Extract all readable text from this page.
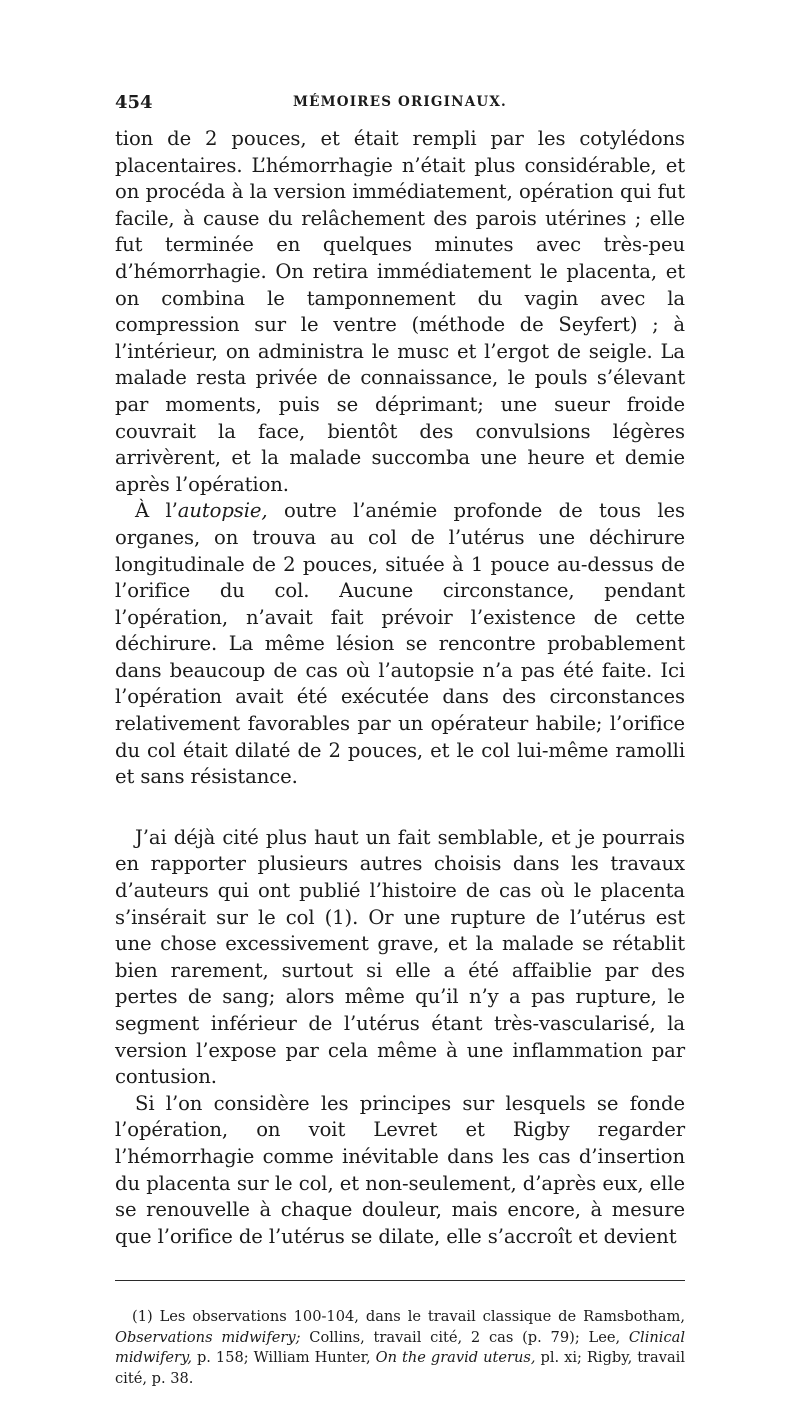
454	MÉMOIRES ORIGINAUX.

tion de 2 pouces, et était rempli par les cotylédons placentaires. L’hémorrhagie n’était plus considérable, et on procéda à la version immédiatement, opération qui fut facile, à cause du relâchement des parois utérines ; elle fut terminée en quelques minutes avec très-peu d’hémorrhagie. On retira immédiatement le placenta, et on combina le tamponnement du vagin avec la compression sur le ventre (méthode de Seyfert) ; à l’intérieur, on administra le musc et l’ergot de seigle. La malade resta privée de connaissance, le pouls s’élevant par moments, puis se déprimant; une sueur froide couvrait la face, bientôt des convulsions légères arrivèrent, et la malade succomba une heure et demie après l’opération.

À l’autopsie, outre l’anémie profonde de tous les organes, on trouva au col de l’utérus une déchirure longitudinale de 2 pouces, située à 1 pouce au-dessus de l’orifice du col. Aucune circonstance, pendant l’opération, n’avait fait prévoir l’existence de cette déchirure. La même lésion se rencontre probablement dans beaucoup de cas où l’autopsie n’a pas été faite. Ici l’opération avait été exécutée dans des circonstances relativement favorables par un opérateur habile; l’orifice du col était dilaté de 2 pouces, et le col lui-même ramolli et sans résistance.

J’ai déjà cité plus haut un fait semblable, et je pourrais en rapporter plusieurs autres choisis dans les travaux d’auteurs qui ont publié l’histoire de cas où le placenta s’insérait sur le col (1). Or une rupture de l’utérus est une chose excessivement grave, et la malade se rétablit bien rarement, surtout si elle a été affaiblie par des pertes de sang; alors même qu’il n’y a pas rupture, le segment inférieur de l’utérus étant très-vascularisé, la version l’expose par cela même à une inflammation par contusion.

Si l’on considère les principes sur lesquels se fonde l’opération, on voit Levret et Rigby regarder l’hémorrhagie comme inévitable dans les cas d’insertion du placenta sur le col, et non-seulement, d’après eux, elle se renouvelle à chaque douleur, mais encore, à mesure que l’orifice de l’utérus se dilate, elle s’accroît et devient

(1) Les observations 100-104, dans le travail classique de Ramsbotham, Observations midwifery; Collins, travail cité, 2 cas (p. 79); Lee, Clinical midwifery, p. 158; William Hunter, On the gravid uterus, pl. xi; Rigby, travail cité, p. 38.
